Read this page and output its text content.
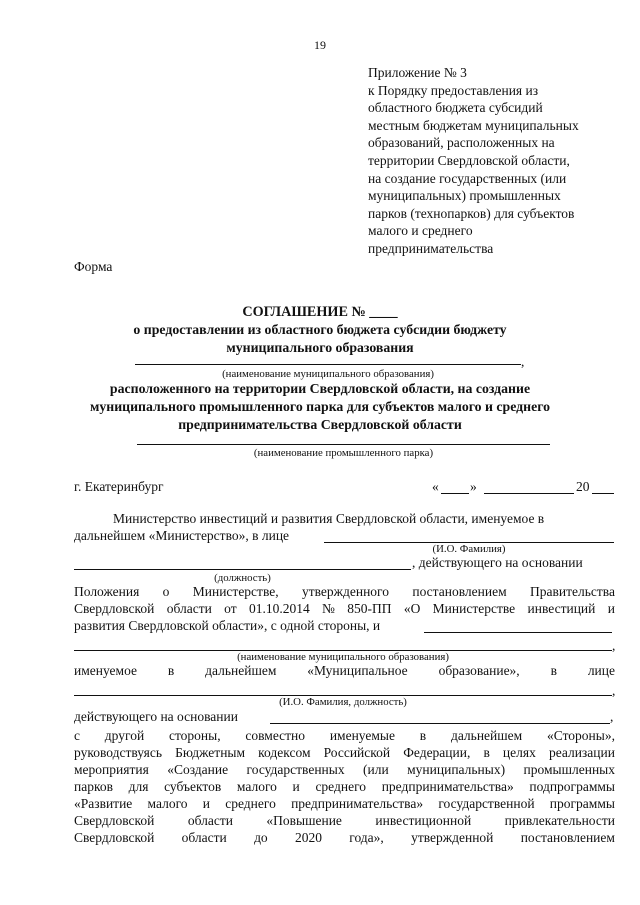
19
Приложение № 3
к Порядку предоставления из
областного бюджета субсидий
местным бюджетам муниципальных
образований, расположенных на
территории Свердловской области,
на создание государственных (или
муниципальных) промышленных
парков (технопарков) для субъектов
малого и среднего
предпринимательства
Форма
СОГЛАШЕНИЕ № ____
о предоставлении из областного бюджета субсидии бюджету
муниципального образования
,
(наименование муниципального образования)
расположенного на территории Свердловской области, на создание
муниципального промышленного парка для субъектов малого и среднего
предпринимательства Свердловской области
(наименование промышленного парка)
г. Екатеринбург	« »	20
Министерство инвестиций и развития Свердловской области, именуемое в
дальнейшем «Министерство», в лице
(И.О. Фамилия)
, действующего на основании
(должность)
Положения о Министерстве, утвержденного постановлением Правительства
Свердловской области от 01.10.2014 № 850-ПП «О Министерстве инвестиций и
развития Свердловской области», с одной стороны, и
,
(наименование муниципального образования)
именуемое в дальнейшем «Муниципальное образование», в лице
,
(И.О. Фамилия, должность)
действующего на основании	,
с другой стороны, совместно именуемые в дальнейшем «Стороны»,
руководствуясь Бюджетным кодексом Российской Федерации, в целях реализации
мероприятия «Создание государственных (или муниципальных) промышленных
парков для субъектов малого и среднего предпринимательства» подпрограммы
«Развитие малого и среднего предпринимательства» государственной программы
Свердловской области «Повышение инвестиционной привлекательности
Свердловской области до 2020 года», утвержденной постановлением
